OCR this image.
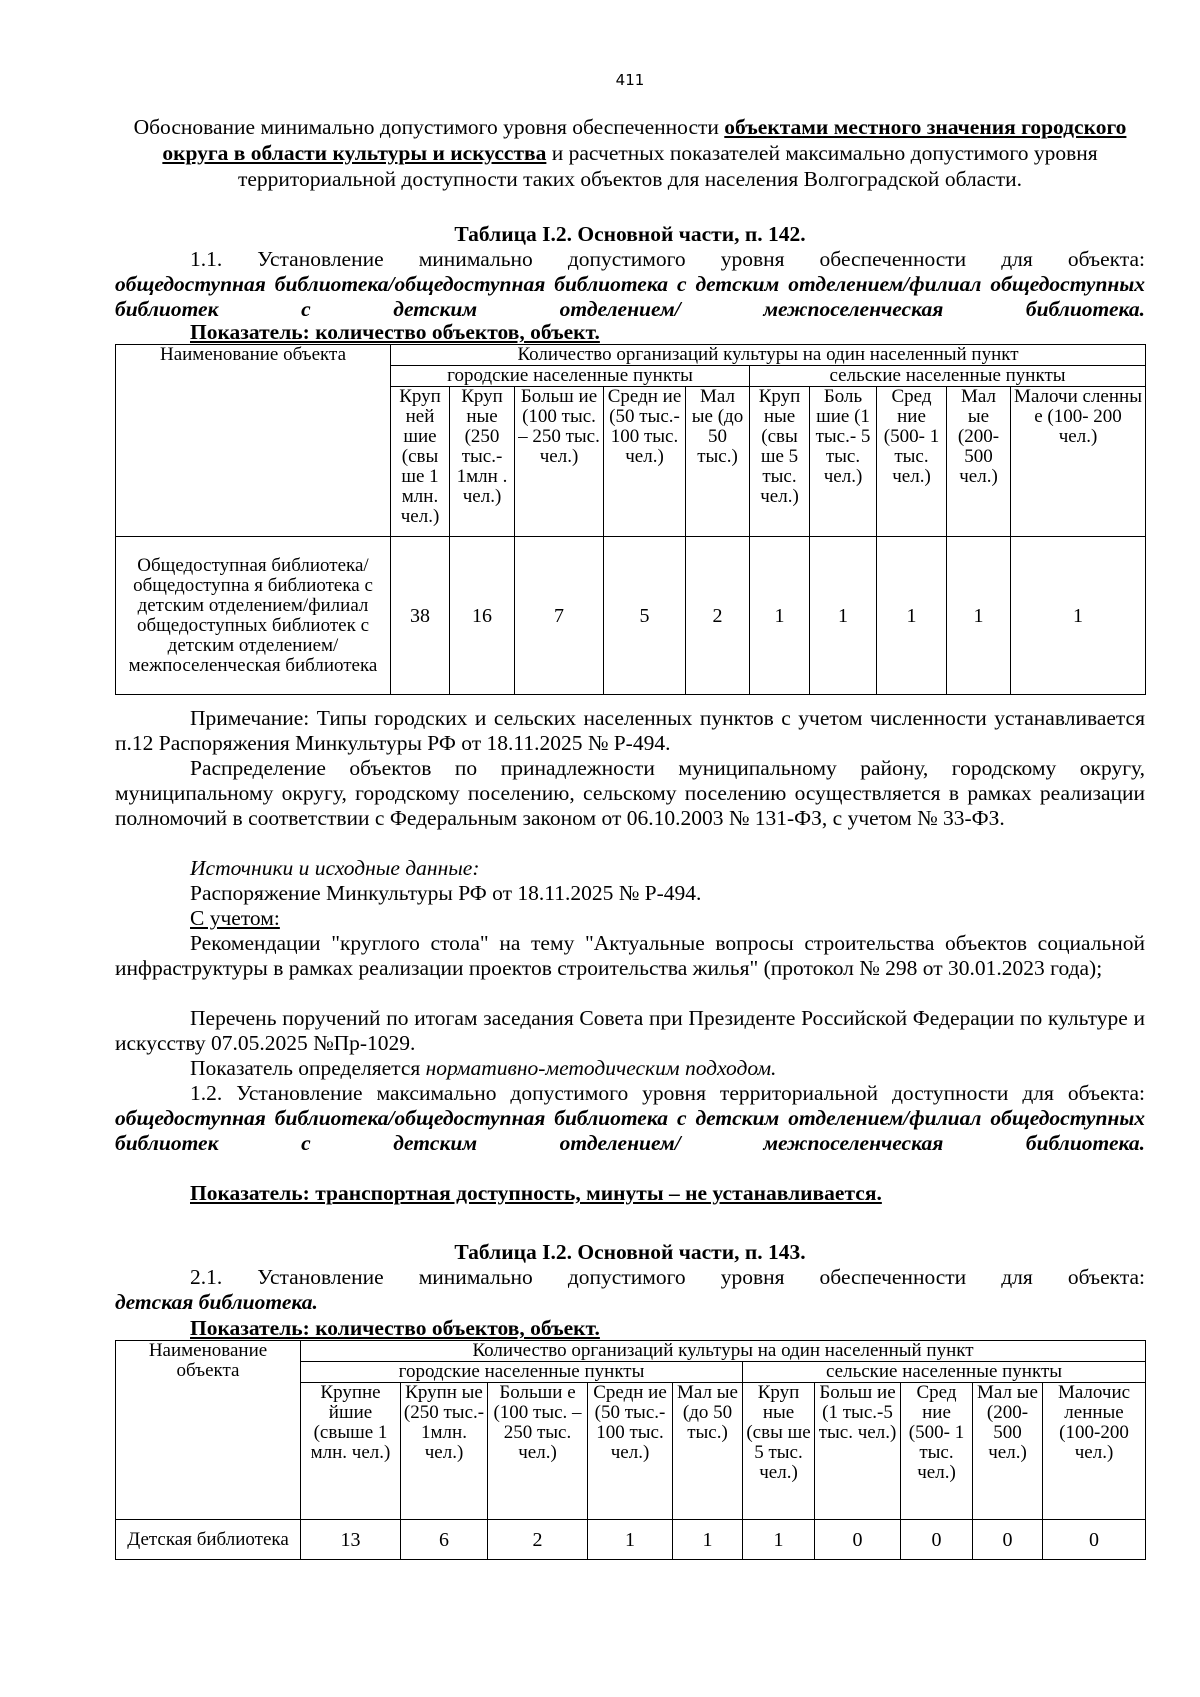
411
Обоснование минимально допустимого уровня обеспеченности объектами местного значения городского округа в области культуры и искусства и расчетных показателей максимально допустимого уровня территориальной доступности таких объектов для населения Волгоградской области.
Таблица I.2. Основной части, п. 142.
1.1. Установление минимально допустимого уровня обеспеченности для объекта:
общедоступная библиотека/общедоступная библиотека с детским отделением/филиал общедоступных библиотек с детским отделением/ межпоселенческая библиотека.
Показатель: количество объектов, объект.
Наименование объекта	Количество организаций культуры на один населенный пункт									
	городские населенные пункты					сельские населенные пункты				
	Круп ней шие (свы ше 1 млн. чел.)	Круп ные (250 тыс.- 1млн . чел.)	Больш ие (100 тыс. – 250 тыс. чел.)	Средн ие (50 тыс.- 100 тыс. чел.)	Мал ые (до 50 тыс.)	Круп ные (свы ше 5 тыс. чел.)	Боль шие (1 тыс.- 5 тыс. чел.)	Сред ние (500- 1 тыс. чел.)	Мал ые (200- 500 чел.)	Малочи сленны е (100- 200 чел.)
Общедоступная библиотека/общедоступна я библиотека с детским отделением/филиал общедоступных библиотек с детским отделением/ межпоселенческая библиотека	38	16	7	5	2	1	1	1	1	1
Примечание: Типы городских и сельских населенных пунктов с учетом численности устанавливается п.12 Распоряжения Минкультуры РФ от 18.11.2025 № Р-494.
Распределение объектов по принадлежности муниципальному району, городскому округу, муниципальному округу, городскому поселению, сельскому поселению осуществляется в рамках реализации полномочий в соответствии с Федеральным законом от 06.10.2003 № 131-ФЗ, с учетом № 33-ФЗ.
Источники и исходные данные:
Распоряжение Минкультуры РФ от 18.11.2025 № Р-494.
С учетом:
Рекомендации "круглого стола" на тему "Актуальные вопросы строительства объектов социальной инфраструктуры в рамках реализации проектов строительства жилья" (протокол № 298 от 30.01.2023 года);
Перечень поручений по итогам заседания Совета при Президенте Российской Федерации по культуре и искусству 07.05.2025 №Пр-1029.
Показатель определяется нормативно-методическим подходом.
1.2. Установление максимально допустимого уровня территориальной доступности для объекта:
общедоступная библиотека/общедоступная библиотека с детским отделением/филиал общедоступных библиотек с детским отделением/ межпоселенческая библиотека.
Показатель: транспортная доступность, минуты – не устанавливается.
Таблица I.2. Основной части, п. 143.
2.1. Установление минимально допустимого уровня обеспеченности для объекта:
детская библиотека.
Показатель: количество объектов, объект.
Наименование объекта	Количество организаций культуры на один населенный пункт									
	городские населенные пункты					сельские населенные пункты				
	Крупне йшие (свыше 1 млн. чел.)	Крупн ые (250 тыс.- 1млн. чел.)	Больши е (100 тыс. – 250 тыс. чел.)	Средн ие (50 тыс.- 100 тыс. чел.)	Мал ые (до 50 тыс.)	Круп ные (свы ше 5 тыс. чел.)	Больш ие (1 тыс.-5 тыс. чел.)	Сред ние (500- 1 тыс. чел.)	Мал ые (200- 500 чел.)	Малочис ленные (100-200 чел.)
Детская библиотека	13	6	2	1	1	1	0	0	0	0
